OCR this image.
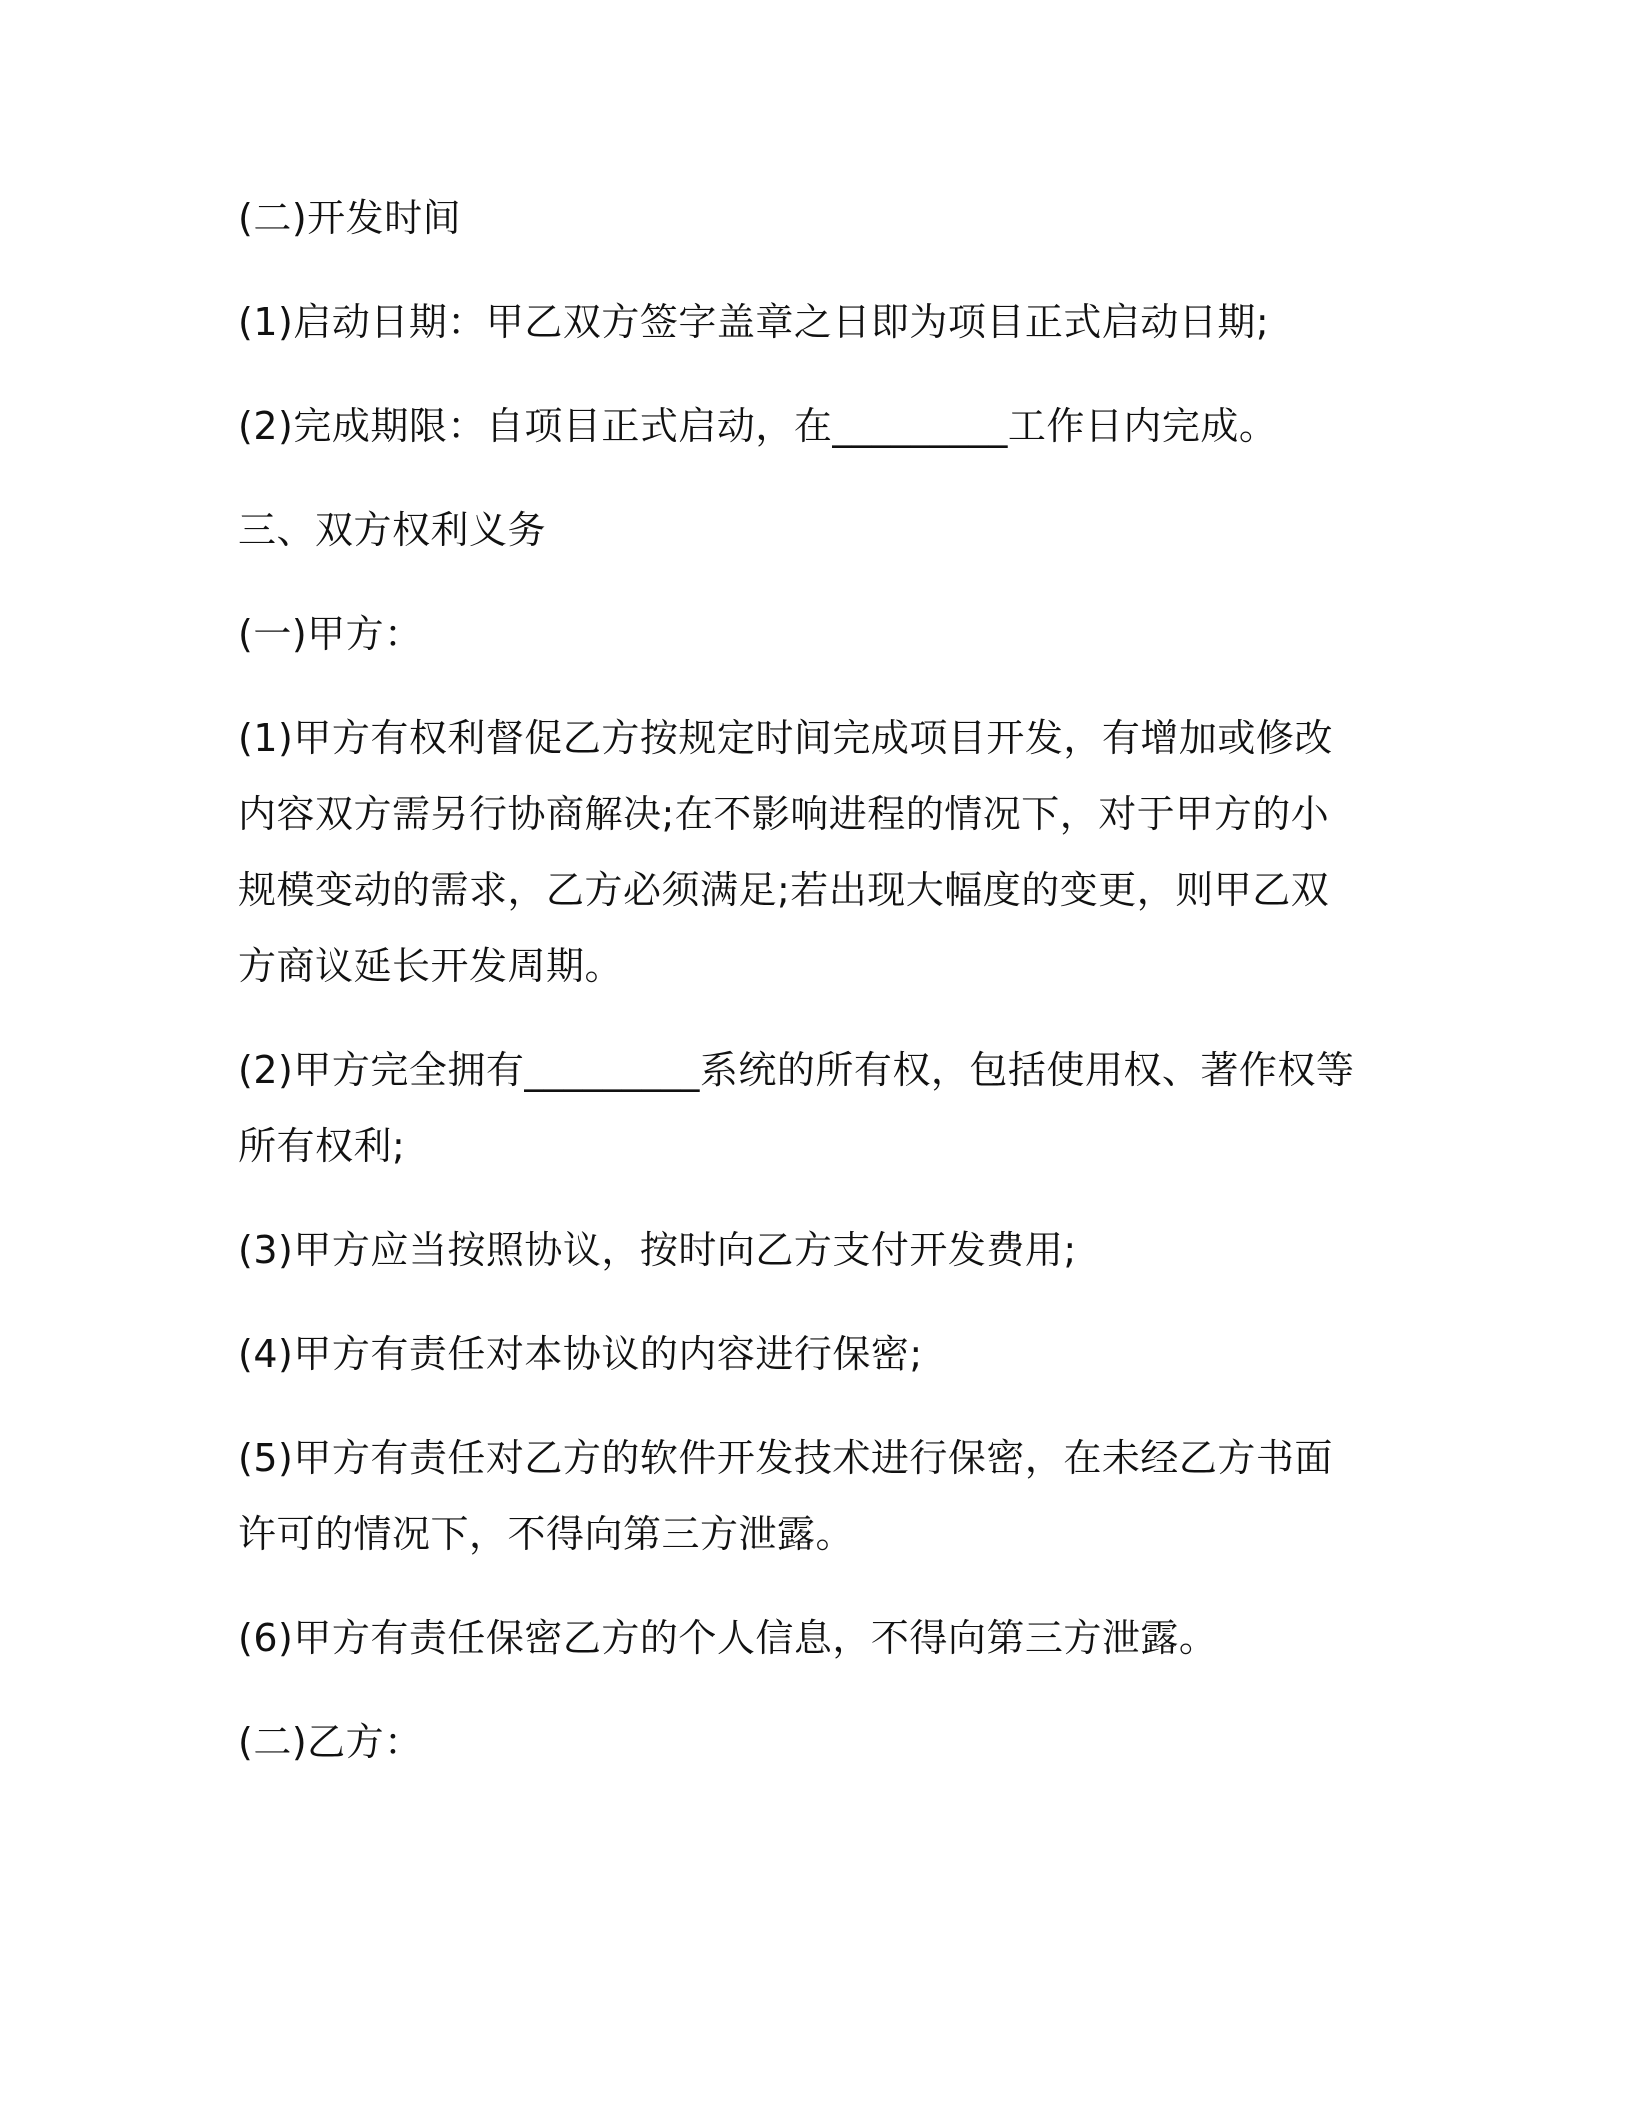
(二)开发时间

(1)启动日期：甲乙双方签字盖章之日即为项目正式启动日期;

(2)完成期限：自项目正式启动，在_________工作日内完成。

三、双方权利义务

(一)甲方：

(1)甲方有权利督促乙方按规定时间完成项目开发，有增加或修改内容双方需另行协商解决;在不影响进程的情况下，对于甲方的小规模变动的需求，乙方必须满足;若出现大幅度的变更，则甲乙双方商议延长开发周期。

(2)甲方完全拥有_________系统的所有权，包括使用权、著作权等所有权利;

(3)甲方应当按照协议，按时向乙方支付开发费用;

(4)甲方有责任对本协议的内容进行保密;

(5)甲方有责任对乙方的软件开发技术进行保密，在未经乙方书面许可的情况下，不得向第三方泄露。

(6)甲方有责任保密乙方的个人信息，不得向第三方泄露。

(二)乙方：
